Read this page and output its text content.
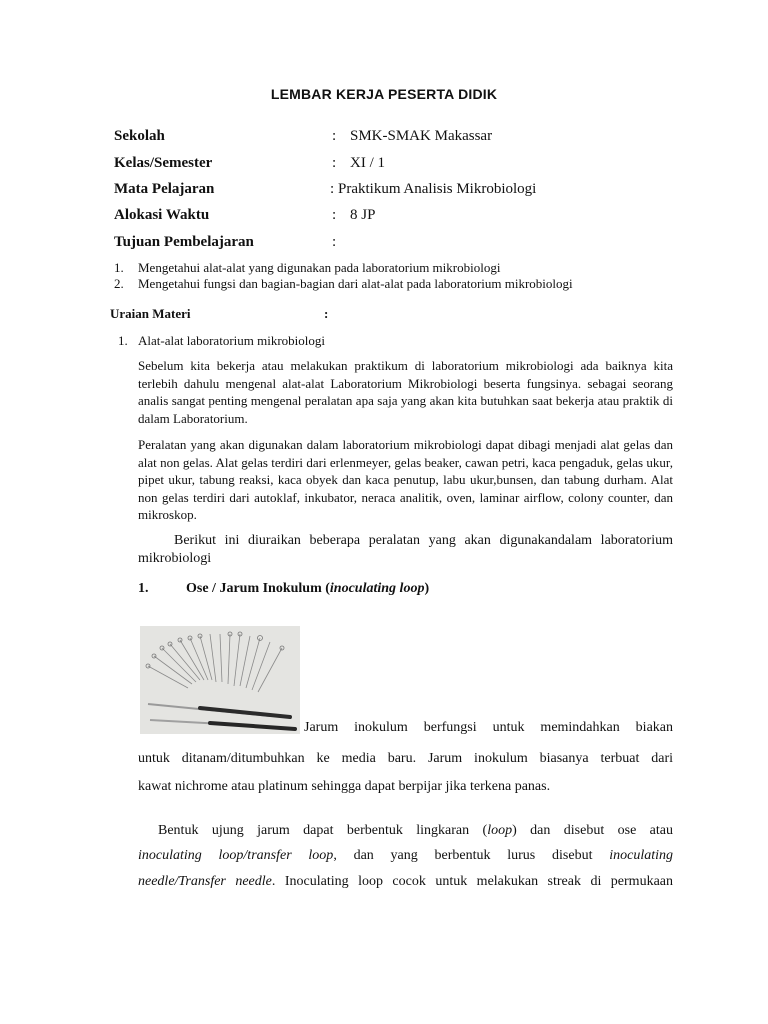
LEMBAR KERJA PESERTA DIDIK
Sekolah	: SMK-SMAK Makassar
Kelas/Semester	: XI / 1
Mata Pelajaran	: Praktikum Analisis Mikrobiologi
Alokasi Waktu	: 8 JP
Tujuan Pembelajaran	:
1. Mengetahui alat-alat yang digunakan pada laboratorium mikrobiologi
2. Mengetahui fungsi dan bagian-bagian dari alat-alat pada laboratorium mikrobiologi
Uraian Materi	:
1. Alat-alat laboratorium mikrobiologi

Sebelum kita bekerja atau melakukan praktikum di laboratorium mikrobiologi ada baiknya kita terlebih dahulu mengenal alat-alat Laboratorium Mikrobiologi beserta fungsinya. sebagai seorang analis sangat penting mengenal peralatan apa saja yang akan kita butuhkan saat bekerja atau praktik di dalam Laboratorium.

Peralatan yang akan digunakan dalam laboratorium mikrobiologi dapat dibagi menjadi alat gelas dan alat non gelas. Alat gelas terdiri dari erlenmeyer, gelas beaker, cawan petri, kaca pengaduk, gelas ukur, pipet ukur, tabung reaksi, kaca obyek dan kaca penutup, labu ukur,bunsen, dan tabung durham. Alat non gelas terdiri dari autoklaf, inkubator, neraca analitik, oven, laminar airflow, colony counter, dan mikroskop.

Berikut ini diuraikan beberapa peralatan yang akan digunakandalam laboratorium mikrobiologi

1.	Ose / Jarum Inokulum (inoculating loop)
Jarum inokulum berfungsi untuk memindahkan biakan
untuk ditanam/ditumbuhkan ke media baru. Jarum inokulum biasanya terbuat dari
kawat nichrome atau platinum sehingga dapat berpijar jika terkena panas.
Bentuk ujung jarum dapat berbentuk lingkaran (loop) dan disebut ose atau
inoculating loop/transfer loop, dan yang berbentuk lurus disebut inoculating
needle/Transfer needle. Inoculating loop cocok untuk melakukan streak di permukaan
